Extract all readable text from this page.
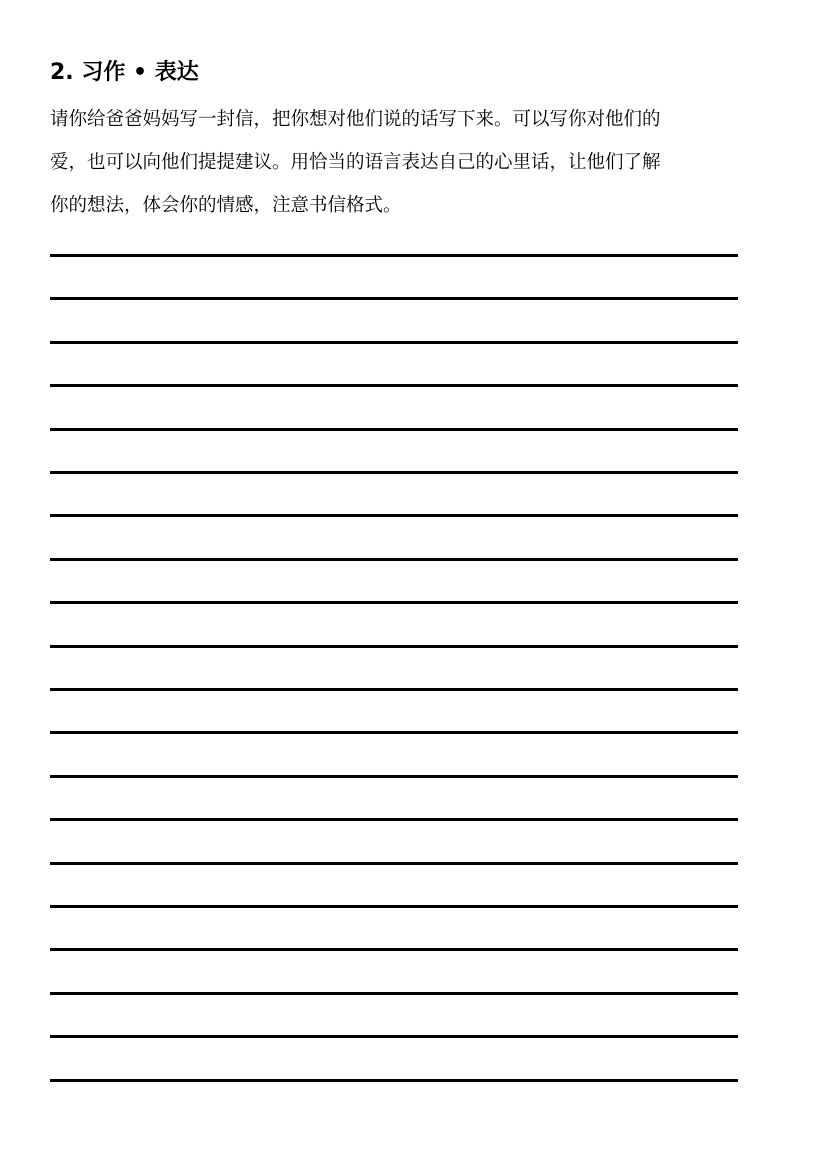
2. 习作 • 表达
请你给爸爸妈妈写一封信，把你想对他们说的话写下来。可以写你对他们的
爱，也可以向他们提提建议。用恰当的语言表达自己的心里话，让他们了解
你的想法，体会你的情感，注意书信格式。
